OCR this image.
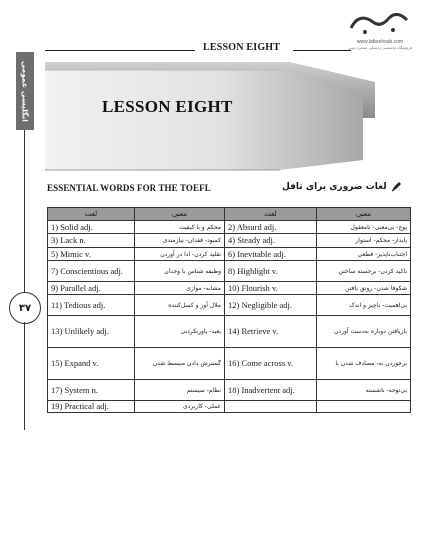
www.lafarehsub.com
فروشگاه تخصصی پزشکی معجزه نوین
LESSON EIGHT
انگلیسی عمومی
۳۷
LESSON EIGHT
ESSENTIAL WORDS FOR THE TOEFL	لغات ضروری برای تافل
لغت	معنی	لغت	معنی
1) Solid adj.	محکم و با کیفیت	2) Absurd adj.	پوچ- بی‌معنی- نامعقول
3) Lack n.	کمبود- فقدان- نیازمندی	4) Steady adj.	پایدار- محکم- استوار
5) Mimic v.	تقلید کردن- ادا در آوردن	6) Inevitable adj.	اجتناب‌ناپذیر- قطعی
7) Conscientious adj.	وظیفه شناس با وجدان	8) Highlight v.	تاکید کردن- برجسته ساختن
9) Parallel adj.	مشابه- موازی	10) Flourish v.	شکوفا شدن- رونق یافتن
11) Tedious adj.	ملال آور و کسل‌کننده	12) Negligible adj.	بی‌اهمیت- ناچیز و اندک
13) Unlikely adj.	بعید- باورنکردنی	14) Retrieve v.	بازیافتن دوباره به‌دست آوردن
15) Expand v.	گسترش دادن منبسط شدن	16) Come across v.	برخوردن به- مصادف شدن با
17) System n.	نظام- سیستم	18) Inadvertent adj.	بی‌توجه- ناشسته
19) Practical adj.	عملی- کاربردی		
